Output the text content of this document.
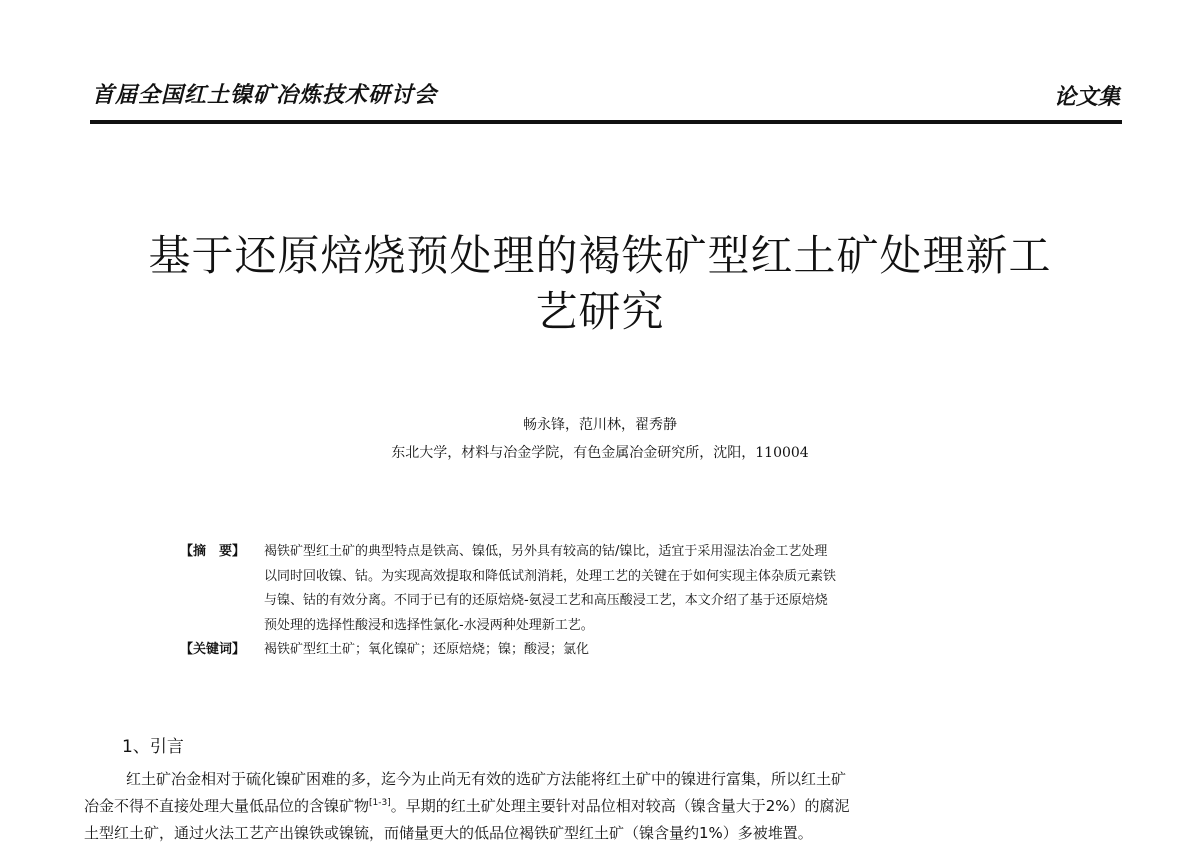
首届全国红土镍矿冶炼技术研讨会	论文集
基于还原焙烧预处理的褐铁矿型红土矿处理新工
艺研究
畅永锋，范川林，翟秀静
东北大学，材料与冶金学院，有色金属冶金研究所，沈阳，110004
【摘　要】	褐铁矿型红土矿的典型特点是铁高、镍低，另外具有较高的钴/镍比，适宜于采用湿法冶金工艺处理
以同时回收镍、钴。为实现高效提取和降低试剂消耗，处理工艺的关键在于如何实现主体杂质元素铁
与镍、钴的有效分离。不同于已有的还原焙烧-氨浸工艺和高压酸浸工艺，本文介绍了基于还原焙烧
预处理的选择性酸浸和选择性氯化-水浸两种处理新工艺。
【关键词】	褐铁矿型红土矿；氧化镍矿；还原焙烧；镍；酸浸；氯化
1、引言
红土矿冶金相对于硫化镍矿困难的多，迄今为止尚无有效的选矿方法能将红土矿中的镍进行富集，所以红土矿
冶金不得不直接处理大量低品位的含镍矿物[1-3]。早期的红土矿处理主要针对品位相对较高（镍含量大于2%）的腐泥
土型红土矿，通过火法工艺产出镍铁或镍锍，而储量更大的低品位褐铁矿型红土矿（镍含量约1%）多被堆置。
